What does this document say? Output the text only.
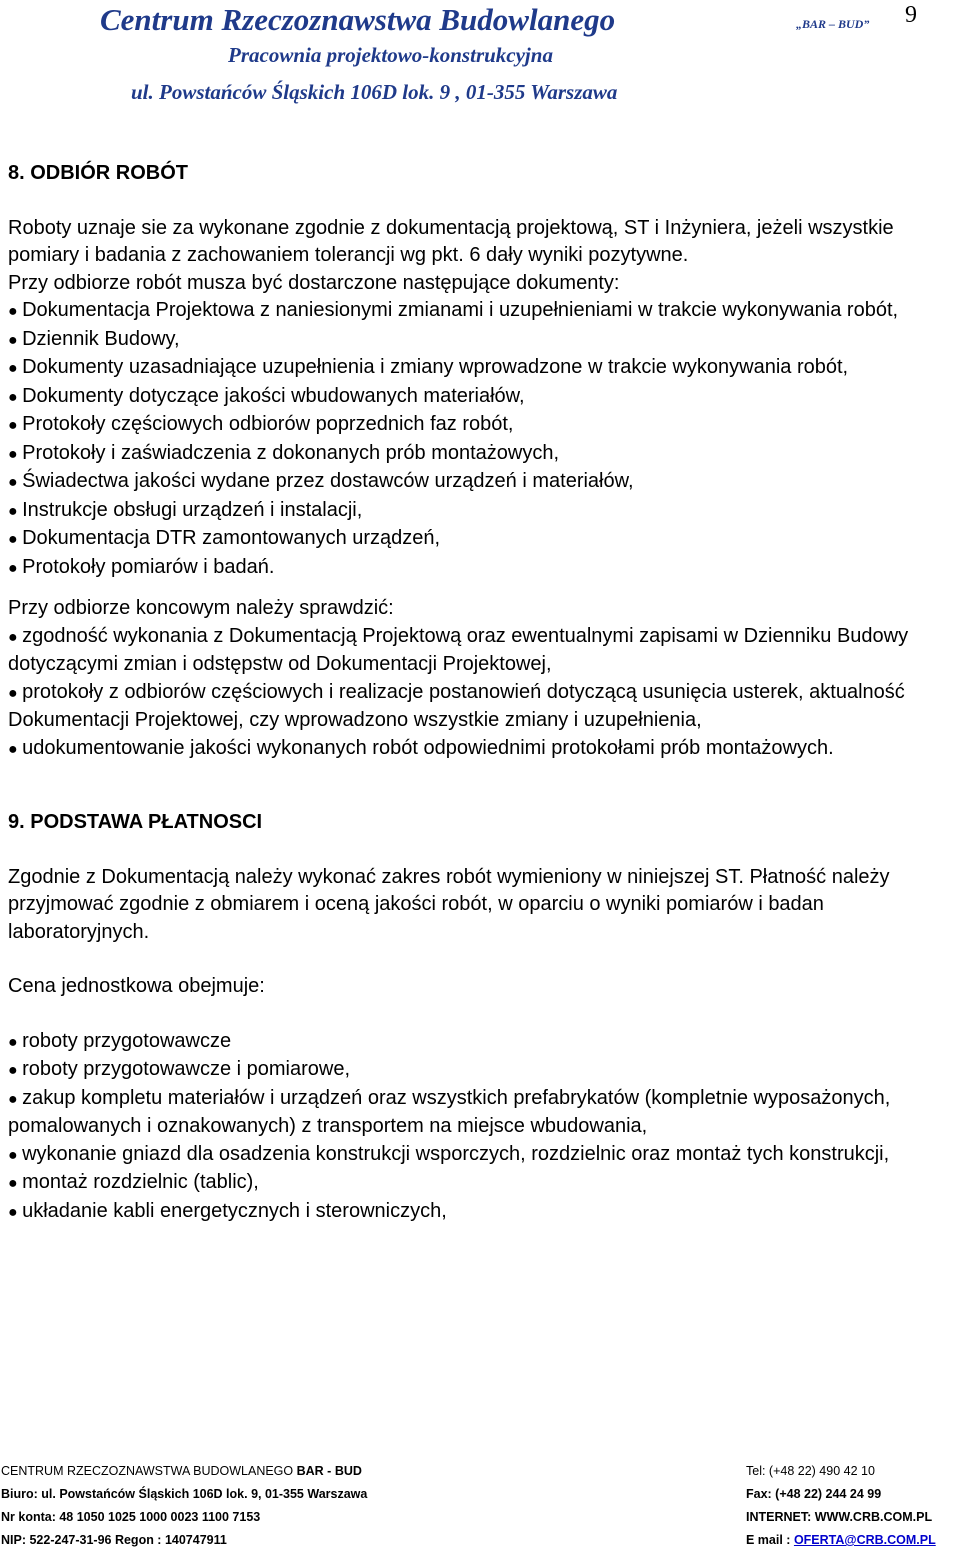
Centrum Rzeczoznawstwa Budowlanego	„BAR – BUD” 9
Pracownia projektowo-konstrukcyjna
ul. Powstańców Śląskich 106D lok. 9 , 01-355 Warszawa
8. ODBIÓR ROBÓT

Roboty uznaje sie za wykonane zgodnie z dokumentacją projektową, ST i Inżyniera, jeżeli wszystkie pomiary i badania z zachowaniem tolerancji wg pkt. 6 dały wyniki pozytywne.

Przy odbiorze robót musza być dostarczone następujące dokumenty:

● Dokumentacja Projektowa z naniesionymi zmianami i uzupełnieniami w trakcie wykonywania robót,

● Dziennik Budowy,

● Dokumenty uzasadniające uzupełnienia i zmiany wprowadzone w trakcie wykonywania robót,

● Dokumenty dotyczące jakości wbudowanych materiałów,

● Protokoły częściowych odbiorów poprzednich faz robót,

● Protokoły i zaświadczenia z dokonanych prób montażowych,

● Świadectwa jakości wydane przez dostawców urządzeń i materiałów,

● Instrukcje obsługi urządzeń i instalacji,

● Dokumentacja DTR zamontowanych urządzeń,

● Protokoły pomiarów i badań.

Przy odbiorze koncowym należy sprawdzić:

● zgodność wykonania z Dokumentacją Projektową oraz ewentualnymi zapisami w Dzienniku Budowy dotyczącymi zmian i odstępstw od Dokumentacji Projektowej,

● protokoły z odbiorów częściowych i realizacje postanowień dotyczącą usunięcia usterek, aktualność Dokumentacji Projektowej, czy wprowadzono wszystkie zmiany i uzupełnienia,

● udokumentowanie jakości wykonanych robót odpowiednimi protokołami prób montażowych.

9. PODSTAWA PŁATNOSCI

Zgodnie z Dokumentacją należy wykonać zakres robót wymieniony w niniejszej ST. Płatność należy przyjmować zgodnie z obmiarem i oceną jakości robót, w oparciu o wyniki pomiarów i badan laboratoryjnych.

Cena jednostkowa obejmuje:

● roboty przygotowawcze

● roboty przygotowawcze i pomiarowe,

● zakup kompletu materiałów i urządzeń oraz wszystkich prefabrykatów (kompletnie wyposażonych, pomalowanych i oznakowanych) z transportem na miejsce wbudowania,

● wykonanie gniazd dla osadzenia konstrukcji wsporczych, rozdzielnic oraz montaż tych konstrukcji,

● montaż rozdzielnic (tablic),

● układanie kabli energetycznych i sterowniczych,

CENTRUM RZECZOZNAWSTWA BUDOWLANEGO BAR - BUD	Tel: (+48 22) 490 42 10
Biuro: ul. Powstańców Śląskich 106D lok. 9, 01-355 Warszawa	Fax: (+48 22) 244 24 99
Nr konta: 48 1050 1025 1000 0023 1100 7153	INTERNET: WWW.CRB.COM.PL
NIP: 522-247-31-96 Regon : 140747911	E mail : OFERTA@CRB.COM.PL
